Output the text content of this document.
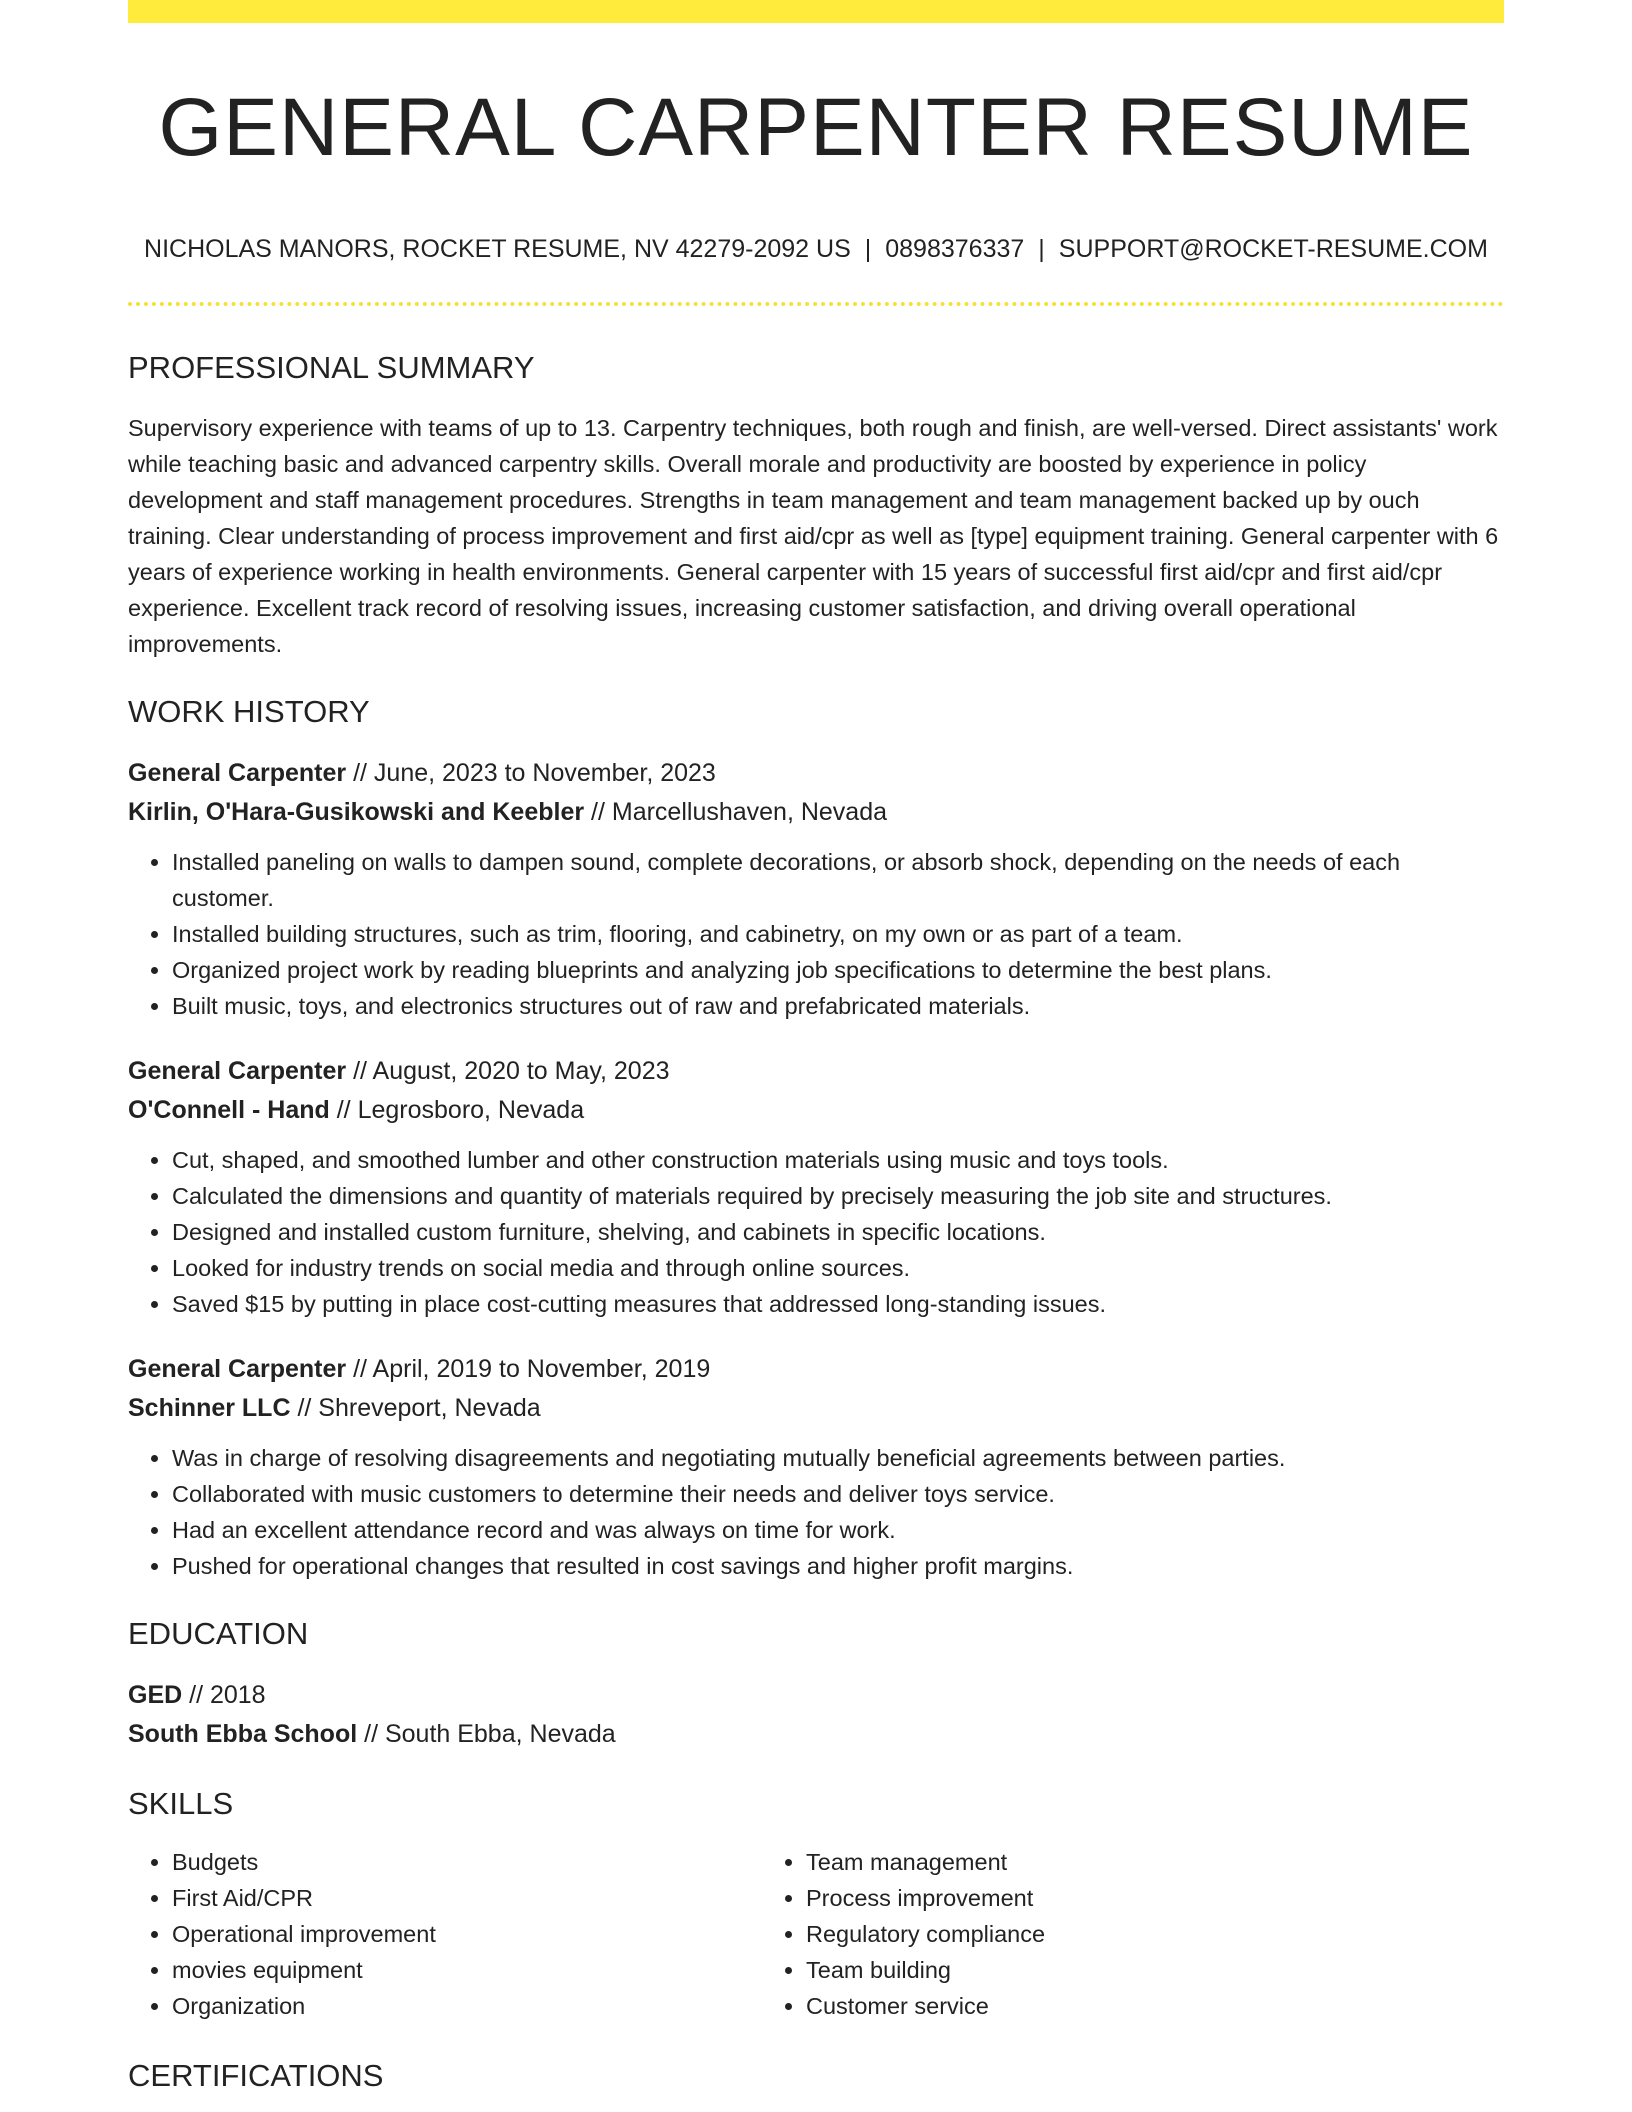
GENERAL CARPENTER RESUME
NICHOLAS MANORS, ROCKET RESUME, NV 42279-2092 US | 0898376337 | SUPPORT@ROCKET-RESUME.COM
PROFESSIONAL SUMMARY
Supervisory experience with teams of up to 13. Carpentry techniques, both rough and finish, are well-versed. Direct assistants' work while teaching basic and advanced carpentry skills. Overall morale and productivity are boosted by experience in policy development and staff management procedures. Strengths in team management and team management backed up by ouch training. Clear understanding of process improvement and first aid/cpr as well as [type] equipment training. General carpenter with 6 years of experience working in health environments. General carpenter with 15 years of successful first aid/cpr and first aid/cpr experience. Excellent track record of resolving issues, increasing customer satisfaction, and driving overall operational improvements.
WORK HISTORY
General Carpenter // June, 2023 to November, 2023
Kirlin, O'Hara-Gusikowski and Keebler // Marcellushaven, Nevada
• Installed paneling on walls to dampen sound, complete decorations, or absorb shock, depending on the needs of each customer.
• Installed building structures, such as trim, flooring, and cabinetry, on my own or as part of a team.
• Organized project work by reading blueprints and analyzing job specifications to determine the best plans.
• Built music, toys, and electronics structures out of raw and prefabricated materials.
General Carpenter // August, 2020 to May, 2023
O'Connell - Hand // Legrosboro, Nevada
• Cut, shaped, and smoothed lumber and other construction materials using music and toys tools.
• Calculated the dimensions and quantity of materials required by precisely measuring the job site and structures.
• Designed and installed custom furniture, shelving, and cabinets in specific locations.
• Looked for industry trends on social media and through online sources.
• Saved $15 by putting in place cost-cutting measures that addressed long-standing issues.
General Carpenter // April, 2019 to November, 2019
Schinner LLC // Shreveport, Nevada
• Was in charge of resolving disagreements and negotiating mutually beneficial agreements between parties.
• Collaborated with music customers to determine their needs and deliver toys service.
• Had an excellent attendance record and was always on time for work.
• Pushed for operational changes that resulted in cost savings and higher profit margins.
EDUCATION
GED // 2018
South Ebba School // South Ebba, Nevada
SKILLS
• Budgets
• First Aid/CPR
• Operational improvement
• movies equipment
• Organization
• Team management
• Process improvement
• Regulatory compliance
• Team building
• Customer service
CERTIFICATIONS
